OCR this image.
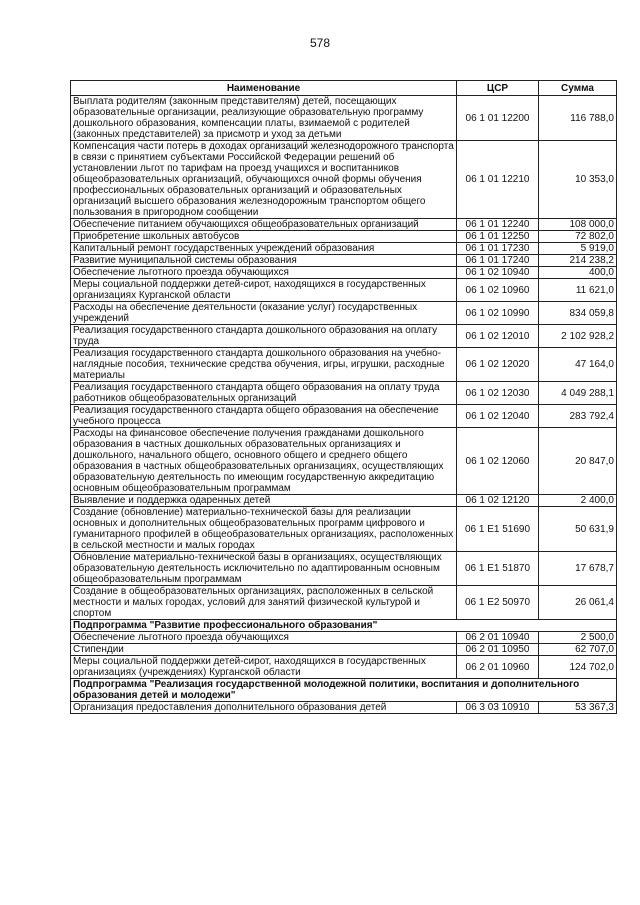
578
Наименование	ЦСР	Сумма
Выплата родителям (законным представителям) детей, посещающих образовательные организации, реализующие образовательную программу дошкольного образования, компенсации платы, взимаемой с родителей (законных представителей) за присмотр и уход за детьми	06 1 01 12200	116 788,0
Компенсация части потерь в доходах организаций железнодорожного транспорта в связи с принятием субъектами Российской Федерации решений об установлении льгот по тарифам на проезд учащихся и воспитанников общеобразовательных организаций, обучающихся очной формы обучения профессиональных образовательных организаций и образовательных организаций высшего образования железнодорожным транспортом общего пользования в пригородном сообщении	06 1 01 12210	10 353,0
Обеспечение питанием обучающихся общеобразовательных организаций	06 1 01 12240	108 000,0
Приобретение школьных автобусов	06 1 01 12250	72 802,0
Капитальный ремонт государственных учреждений образования	06 1 01 17230	5 919,0
Развитие муниципальной системы образования	06 1 01 17240	214 238,2
Обеспечение льготного проезда обучающихся	06 1 02 10940	400,0
Меры социальной поддержки детей-сирот, находящихся в государственных организациях Курганской области	06 1 02 10960	11 621,0
Расходы на обеспечение деятельности (оказание услуг) государственных учреждений	06 1 02 10990	834 059,8
Реализация государственного стандарта дошкольного образования на оплату труда	06 1 02 12010	2 102 928,2
Реализация государственного стандарта дошкольного образования на учебно-наглядные пособия, технические средства обучения, игры, игрушки, расходные материалы	06 1 02 12020	47 164,0
Реализация государственного стандарта общего образования на оплату труда работников общеобразовательных организаций	06 1 02 12030	4 049 288,1
Реализация государственного стандарта общего образования на обеспечение учебного процесса	06 1 02 12040	283 792,4
Расходы на финансовое обеспечение получения гражданами дошкольного образования в частных дошкольных образовательных организациях и дошкольного, начального общего, основного общего и среднего общего образования в частных общеобразовательных организациях, осуществляющих образовательную деятельность по имеющим государственную аккредитацию основным общеобразовательным программам	06 1 02 12060	20 847,0
Выявление и поддержка одаренных детей	06 1 02 12120	2 400,0
Создание (обновление) материально-технической базы для реализации основных и дополнительных общеобразовательных программ цифрового и гуманитарного профилей в общеобразовательных организациях, расположенных в сельской местности и малых городах	06 1 E1 51690	50 631,9
Обновление материально-технической базы в организациях, осуществляющих образовательную деятельность исключительно по адаптированным основным общеобразовательным программам	06 1 E1 51870	17 678,7
Создание в общеобразовательных организациях, расположенных в сельской местности и малых городах, условий для занятий физической культурой и спортом	06 1 E2 50970	26 061,4
Подпрограмма "Развитие профессионального образования"		
Обеспечение льготного проезда обучающихся	06 2 01 10940	2 500,0
Стипендии	06 2 01 10950	62 707,0
Меры социальной поддержки детей-сирот, находящихся в государственных организациях (учреждениях) Курганской области	06 2 01 10960	124 702,0
Подпрограмма "Реализация государственной молодежной политики, воспитания и дополнительного образования детей и молодежи"		
Организация предоставления дополнительного образования детей	06 3 03 10910	53 367,3
